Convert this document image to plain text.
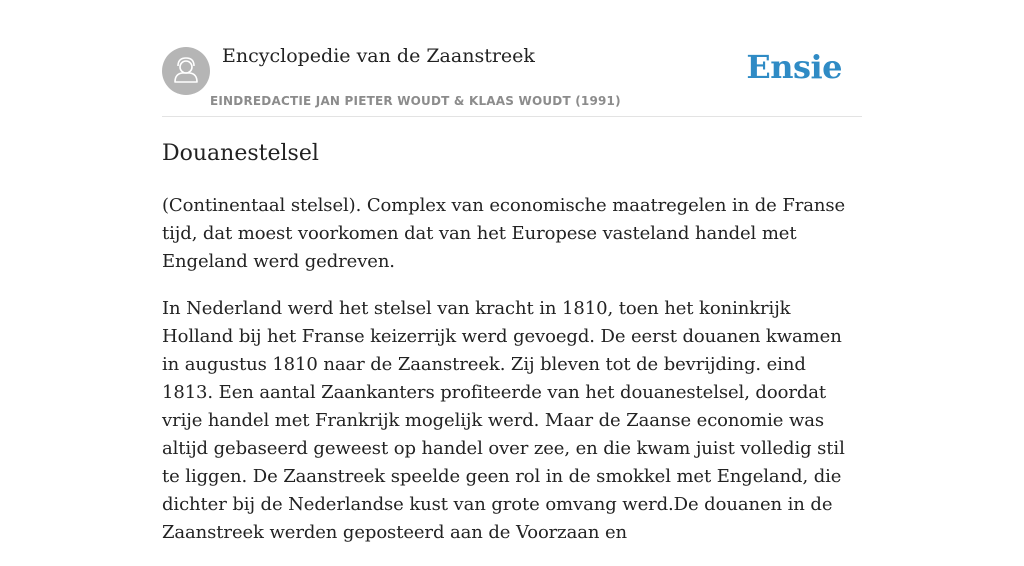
Encyclopedie van de Zaanstreek
EINDREDACTIE JAN PIETER WOUDT & KLAAS WOUDT (1991)
Ensie
Douanestelsel

(Continentaal stelsel). Complex van economische maatregelen in de Franse tijd, dat moest voorkomen dat van het Europese vasteland handel met Engeland werd gedreven.

In Nederland werd het stelsel van kracht in 1810, toen het koninkrijk Holland bij het Franse keizerrijk werd gevoegd. De eerst douanen kwamen in augustus 1810 naar de Zaanstreek. Zij bleven tot de bevrijding. eind 1813. Een aantal Zaankanters profiteerde van het douanestelsel, doordat vrije handel met Frankrijk mogelijk werd. Maar de Zaanse economie was altijd gebaseerd geweest op handel over zee, en die kwam juist volledig stil te liggen. De Zaanstreek speelde geen rol in de smokkel met Engeland, die dichter bij de Nederlandse kust van grote omvang werd.De douanen in de Zaanstreek werden geposteerd aan de Voorzaan en
